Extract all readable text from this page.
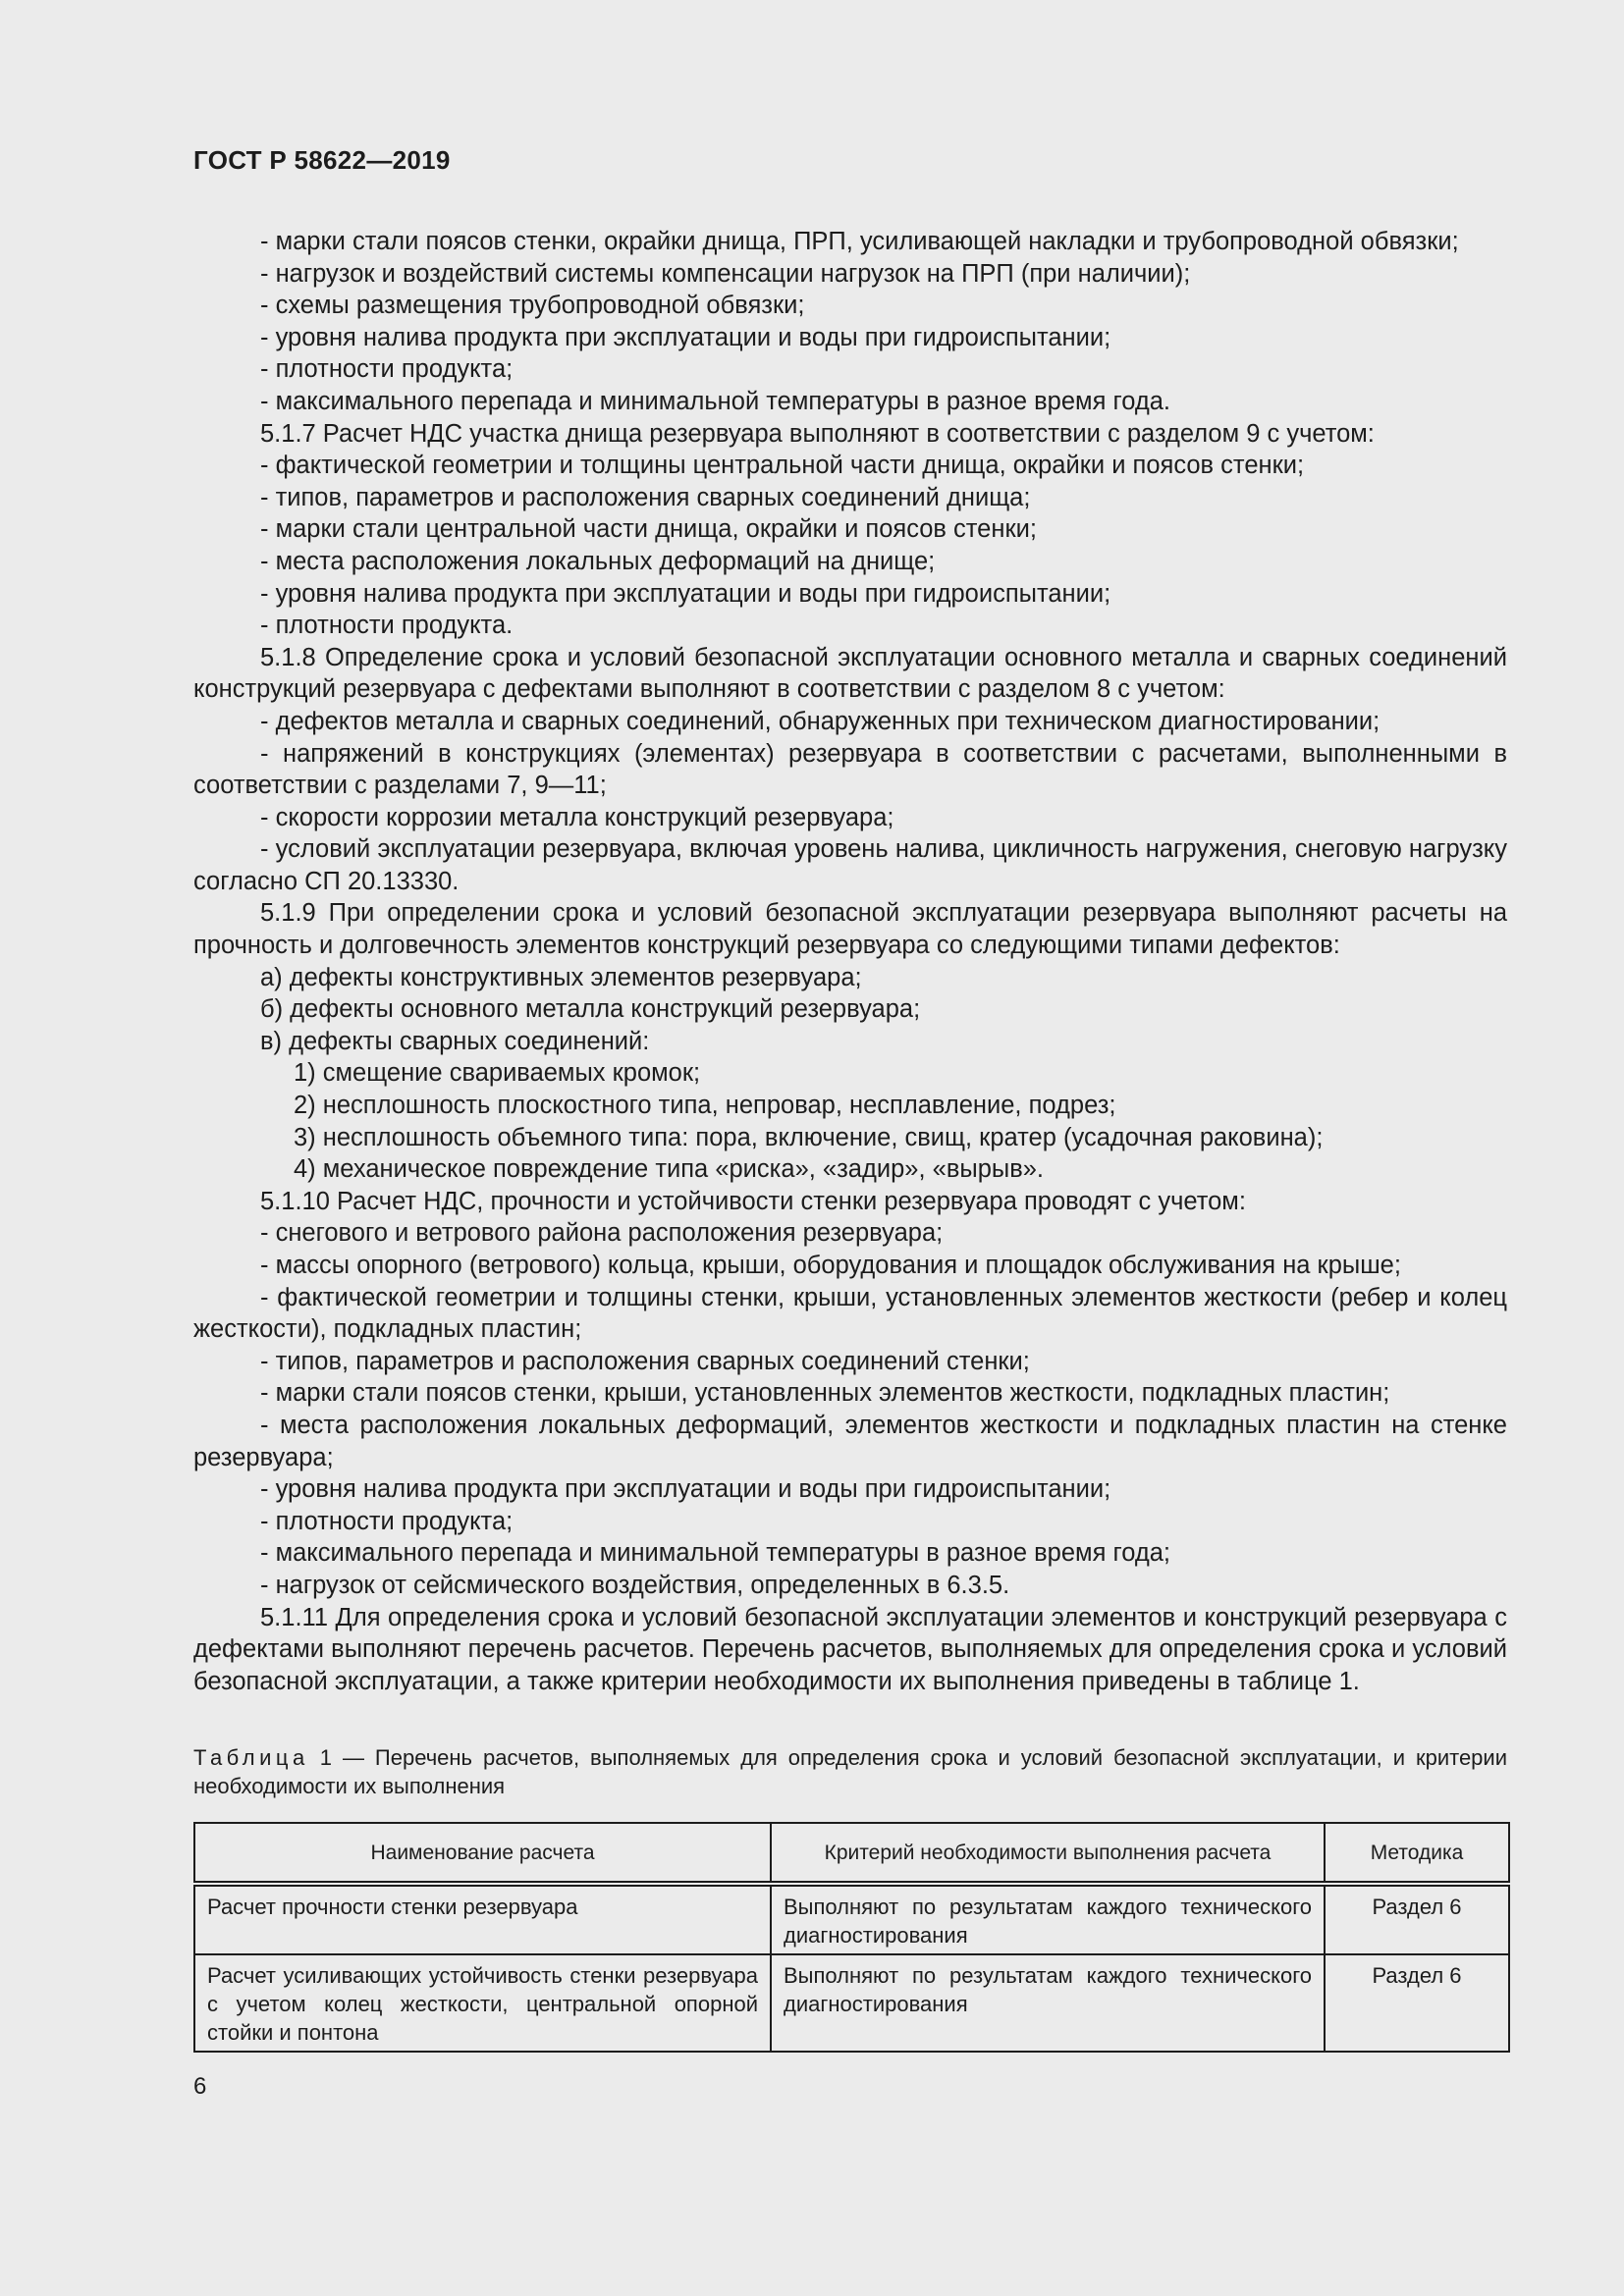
ГОСТ Р 58622—2019

- марки стали поясов стенки, окрайки днища, ПРП, усиливающей накладки и трубопроводной обвязки;

- нагрузок и воздействий системы компенсации нагрузок на ПРП (при наличии);

- схемы размещения трубопроводной обвязки;

- уровня налива продукта при эксплуатации и воды при гидроиспытании;

- плотности продукта;

- максимального перепада и минимальной температуры в разное время года.

5.1.7 Расчет НДС участка днища резервуара выполняют в соответствии с разделом 9 с учетом:

- фактической геометрии и толщины центральной части днища, окрайки и поясов стенки;

- типов, параметров и расположения сварных соединений днища;

- марки стали центральной части днища, окрайки и поясов стенки;

- места расположения локальных деформаций на днище;

- уровня налива продукта при эксплуатации и воды при гидроиспытании;

- плотности продукта.

5.1.8 Определение срока и условий безопасной эксплуатации основного металла и сварных соединений конструкций резервуара с дефектами выполняют в соответствии с разделом 8 с учетом:

- дефектов металла и сварных соединений, обнаруженных при техническом диагностировании;

- напряжений в конструкциях (элементах) резервуара в соответствии с расчетами, выполненными в соответствии с разделами 7, 9—11;

- скорости коррозии металла конструкций резервуара;

- условий эксплуатации резервуара, включая уровень налива, цикличность нагружения, снеговую нагрузку согласно СП 20.13330.

5.1.9 При определении срока и условий безопасной эксплуатации резервуара выполняют расчеты на прочность и долговечность элементов конструкций резервуара со следующими типами дефектов:

а) дефекты конструктивных элементов резервуара;

б) дефекты основного металла конструкций резервуара;

в) дефекты сварных соединений:

1) смещение свариваемых кромок;

2) несплошность плоскостного типа, непровар, несплавление, подрез;

3) несплошность объемного типа: пора, включение, свищ, кратер (усадочная раковина);

4) механическое повреждение типа «риска», «задир», «вырыв».

5.1.10 Расчет НДС, прочности и устойчивости стенки резервуара проводят с учетом:

- снегового и ветрового района расположения резервуара;

- массы опорного (ветрового) кольца, крыши, оборудования и площадок обслуживания на крыше;

- фактической геометрии и толщины стенки, крыши, установленных элементов жесткости (ребер и колец жесткости), подкладных пластин;

- типов, параметров и расположения сварных соединений стенки;

- марки стали поясов стенки, крыши, установленных элементов жесткости, подкладных пластин;

- места расположения локальных деформаций, элементов жесткости и подкладных пластин на стенке резервуара;

- уровня налива продукта при эксплуатации и воды при гидроиспытании;

- плотности продукта;

- максимального перепада и минимальной температуры в разное время года;

- нагрузок от сейсмического воздействия, определенных в 6.3.5.

5.1.11 Для определения срока и условий безопасной эксплуатации элементов и конструкций резервуара с дефектами выполняют перечень расчетов. Перечень расчетов, выполняемых для определения срока и условий безопасной эксплуатации, а также критерии необходимости их выполнения приведены в таблице 1.

Таблица 1 — Перечень расчетов, выполняемых для определения срока и условий безопасной эксплуатации, и критерии необходимости их выполнения
Наименование расчета	Критерий необходимости выполнения расчета	Методика
Расчет прочности стенки резервуара	Выполняют по результатам каждого технического диагностирования	Раздел 6
Расчет усиливающих устойчивость стенки резервуара с учетом колец жесткости, центральной опорной стойки и понтона	Выполняют по результатам каждого технического диагностирования	Раздел 6
6
